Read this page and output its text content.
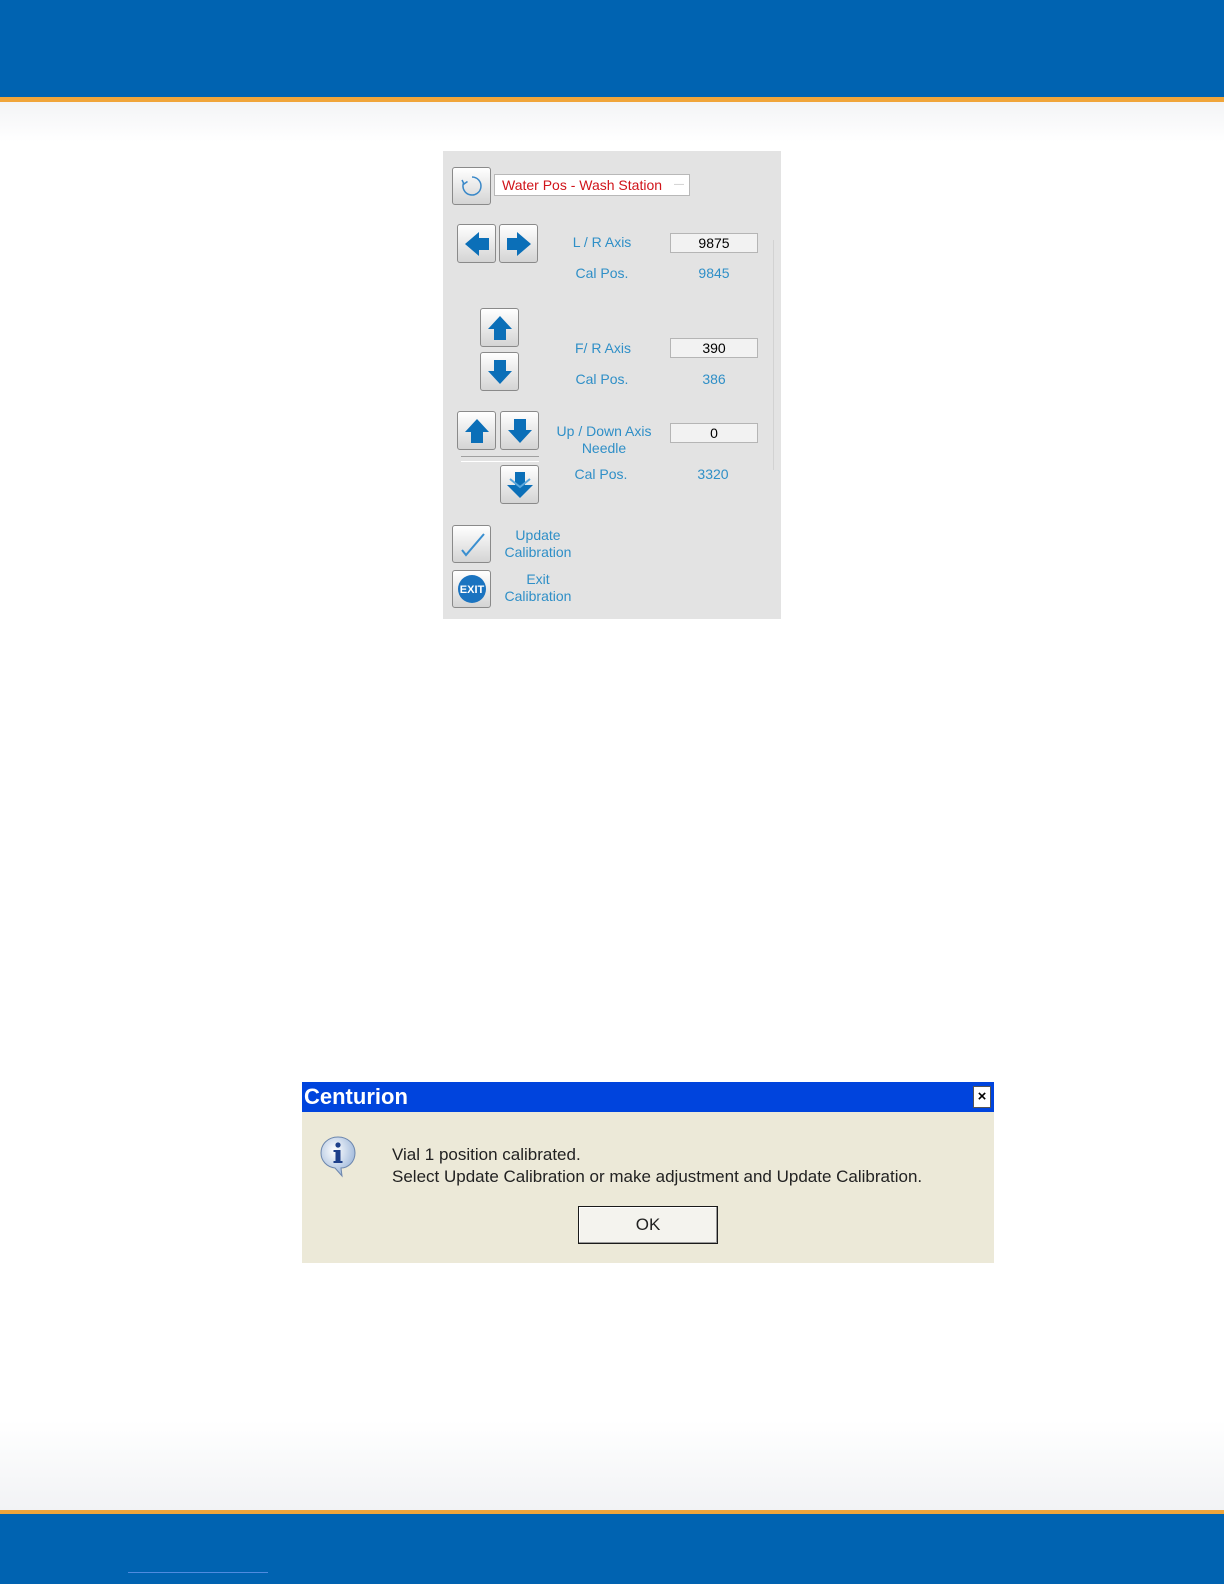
Water Pos - Wash Station —
L / R Axis	9875
Cal Pos.	9845
F/ R Axis	390
Cal Pos.	386
Up / Down Axis
Needle
0
Cal Pos.	3320
Update
Calibration
EXIT
Exit
Calibration
Centurion	×
Vial 1 position calibrated.
Select Update Calibration or make adjustment and Update Calibration.
OK
